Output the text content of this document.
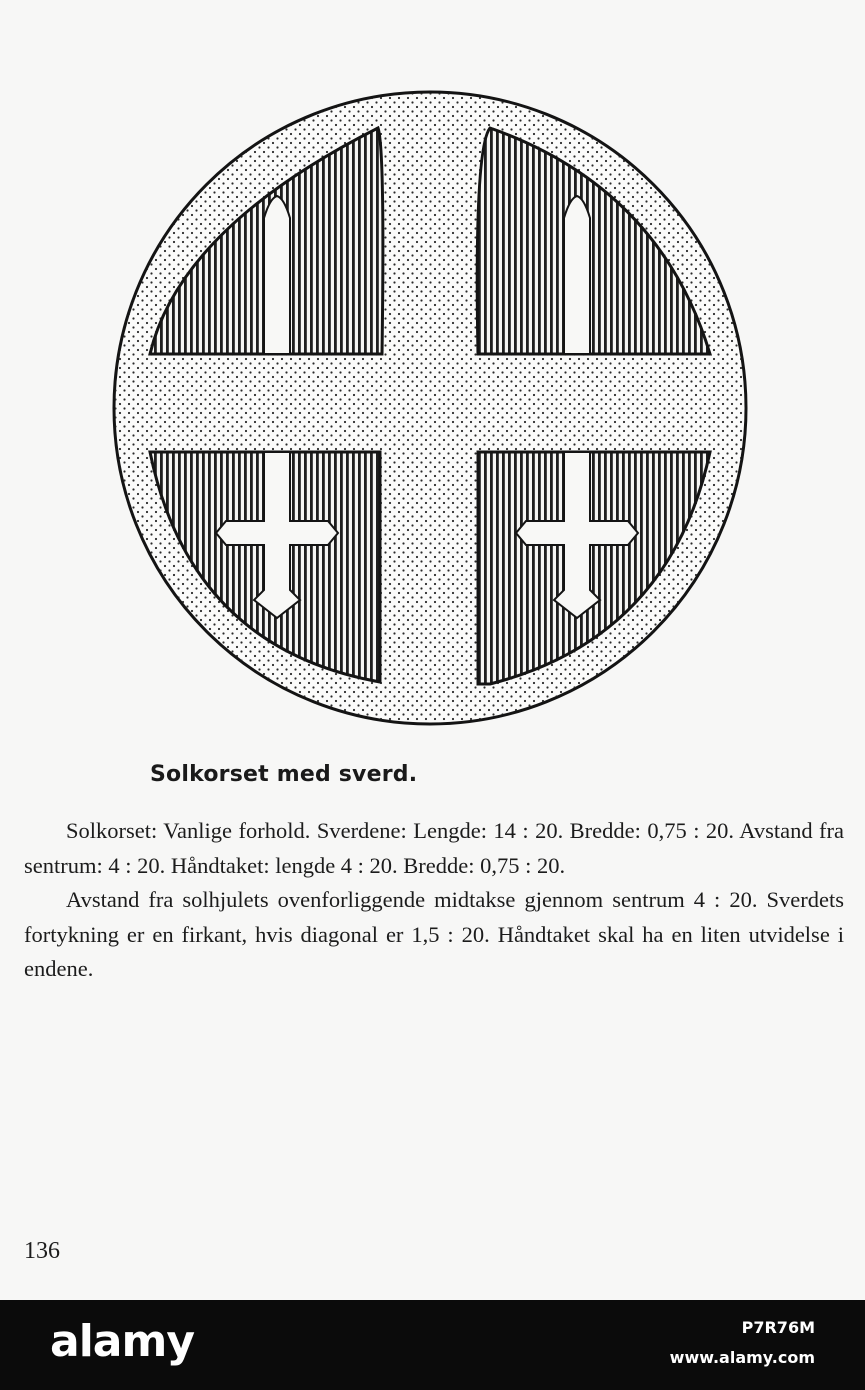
Solkorset med sverd.

Solkorset: Vanlige forhold. Sverdene: Lengde: 14 : 20. Bredde: 0,75 : 20. Avstand fra sentrum: 4 : 20. Håndtaket: lengde 4 : 20. Bredde: 0,75 : 20.

Avstand fra solhjulets ovenforliggende midtakse gjennom sentrum 4 : 20. Sverdets fortykning er en firkant, hvis diagonal er 1,5 : 20. Håndtaket skal ha en liten utvidelse i endene.

136
alamy	P7R76M
www.alamy.com
